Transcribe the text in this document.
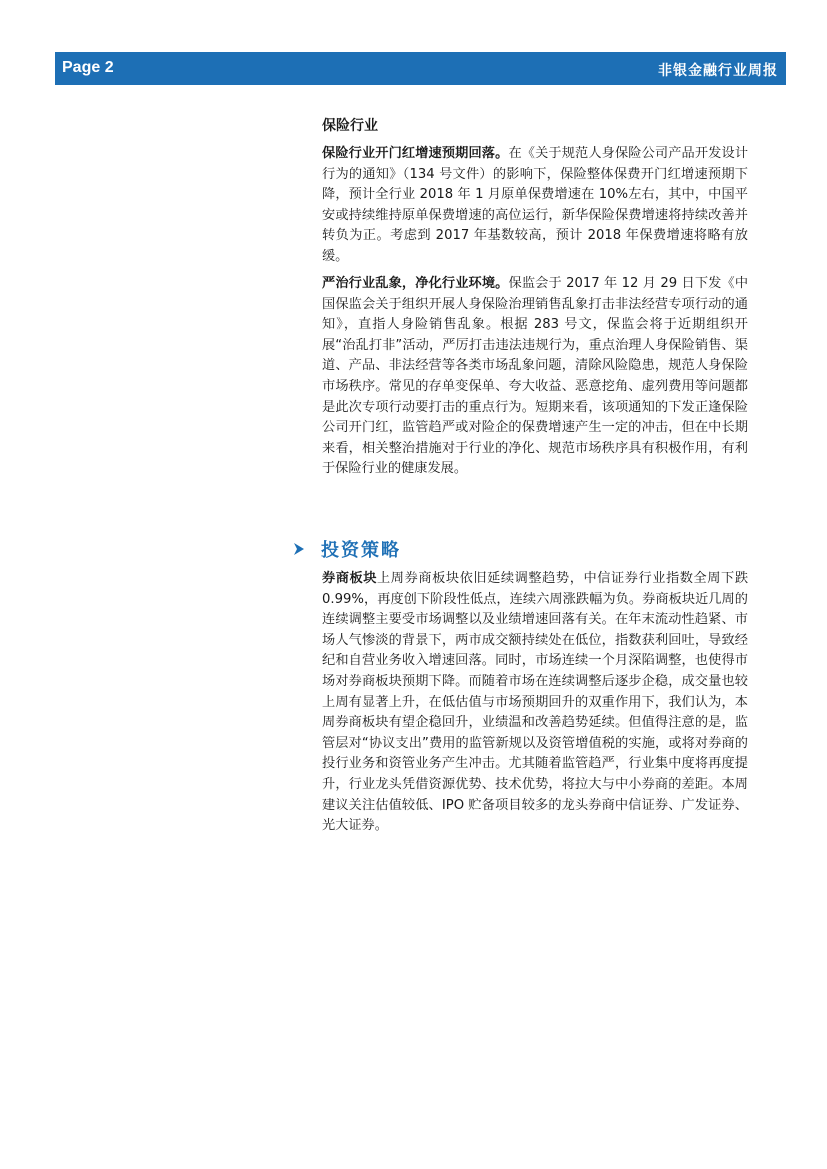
Page 2	非银金融行业周报
保险行业

保险行业开门红增速预期回落。在《关于规范人身保险公司产品开发设计行为的通知》（134 号文件）的影响下，保险整体保费开门红增速预期下降，预计全行业 2018 年 1 月原单保费增速在 10%左右，其中，中国平安或持续维持原单保费增速的高位运行，新华保险保费增速将持续改善并转负为正。考虑到 2017 年基数较高，预计 2018 年保费增速将略有放缓。

严治行业乱象，净化行业环境。保监会于 2017 年 12 月 29 日下发《中国保监会关于组织开展人身保险治理销售乱象打击非法经营专项行动的通知》，直指人身险销售乱象。根据 283 号文，保监会将于近期组织开展“治乱打非”活动，严厉打击违法违规行为，重点治理人身保险销售、渠道、产品、非法经营等各类市场乱象问题，清除风险隐患，规范人身保险市场秩序。常见的存单变保单、夸大收益、恶意挖角、虚列费用等问题都是此次专项行动要打击的重点行为。短期来看，该项通知的下发正逢保险公司开门红，监管趋严或对险企的保费增速产生一定的冲击，但在中长期来看，相关整治措施对于行业的净化、规范市场秩序具有积极作用，有利于保险行业的健康发展。

投资策略

券商板块上周券商板块依旧延续调整趋势，中信证券行业指数全周下跌 0.99%，再度创下阶段性低点，连续六周涨跌幅为负。券商板块近几周的连续调整主要受市场调整以及业绩增速回落有关。在年末流动性趋紧、市场人气惨淡的背景下，两市成交额持续处在低位，指数获利回吐，导致经纪和自营业务收入增速回落。同时，市场连续一个月深陷调整，也使得市场对券商板块预期下降。而随着市场在连续调整后逐步企稳，成交量也较上周有显著上升，在低估值与市场预期回升的双重作用下，我们认为，本周券商板块有望企稳回升，业绩温和改善趋势延续。但值得注意的是，监管层对“协议支出”费用的监管新规以及资管增值税的实施，或将对券商的投行业务和资管业务产生冲击。尤其随着监管趋严，行业集中度将再度提升，行业龙头凭借资源优势、技术优势，将拉大与中小券商的差距。本周建议关注估值较低、IPO 贮备项目较多的龙头券商中信证券、广发证券、光大证券。
